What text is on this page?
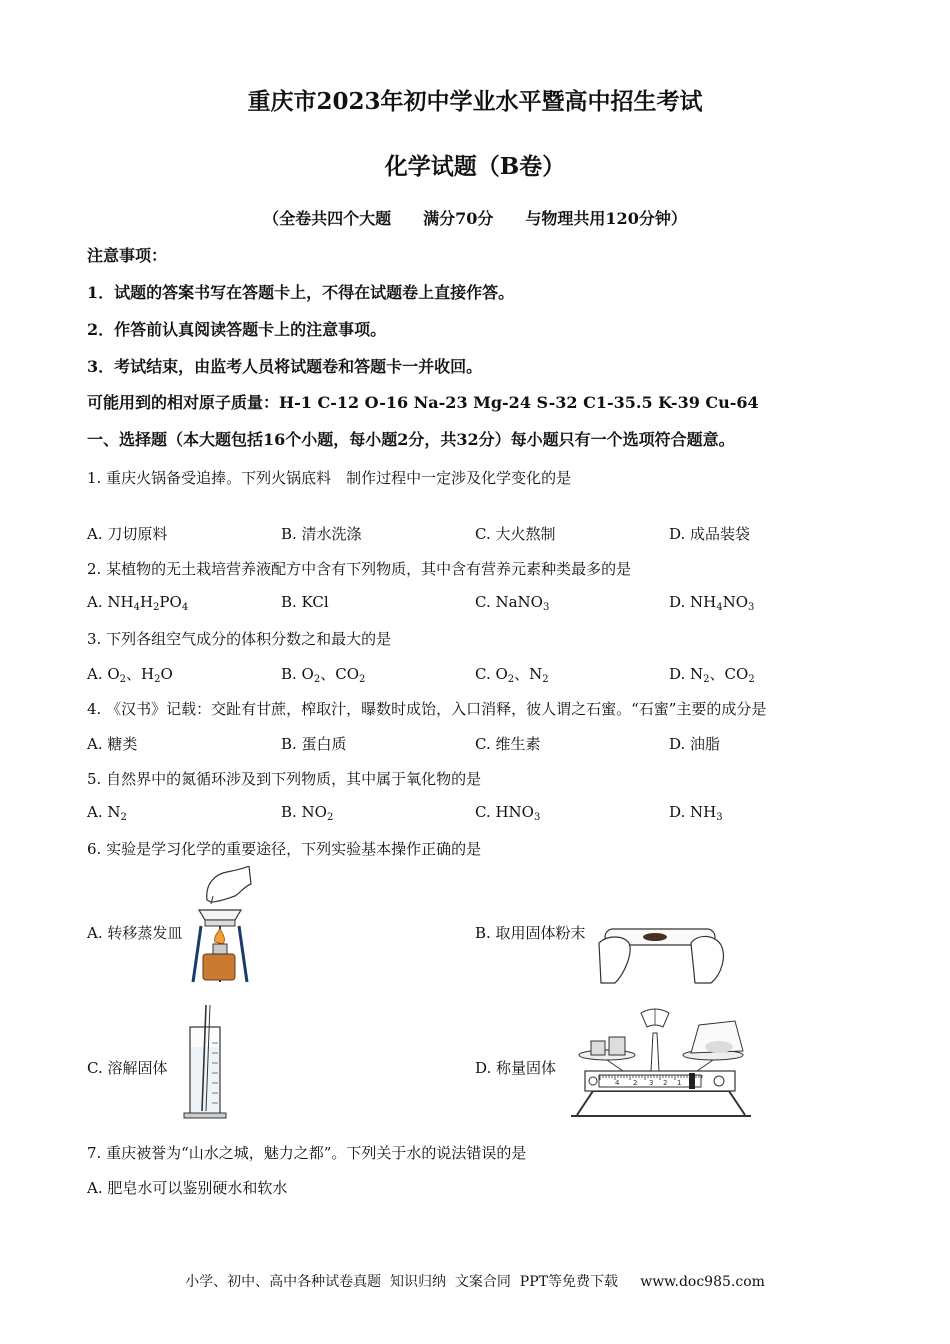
重庆市2023年初中学业水平暨高中招生考试
化学试题（B卷）
（全卷共四个大题　　满分70分　　与物理共用120分钟）
注意事项：
1．试题的答案书写在答题卡上，不得在试题卷上直接作答。
2．作答前认真阅读答题卡上的注意事项。
3．考试结束，由监考人员将试题卷和答题卡一并收回。
可能用到的相对原子质量：H-1 C-12 O-16 Na-23 Mg-24 S-32 C1-35.5 K-39 Cu-64
一、选择题（本大题包括16个小题，每小题2分，共32分）每小题只有一个选项符合题意。
1. 重庆火锅备受追捧。下列火锅底料　制作过程中一定涉及化学变化的是
A. 刀切原料	B. 清水洗涤	C. 大火熬制	D. 成品装袋
2. 某植物的无土栽培营养液配方中含有下列物质，其中含有营养元素种类最多的是
A. $NH_4H_2PO_4$	B. KCl	C. NaNO$_3$	D. $NH_4NO_3$
3. 下列各组空气成分的体积分数之和最大的是
A. $O_2$、$H_2O$	B. $O_2$、$CO_2$	C. $O_2$、$N_2$	D. $N_2$、$CO_2$
4. 《汉书》记载：交趾有甘蔗，榨取汁，曝数时成饴，入口消释，彼人谓之石蜜。“石蜜”主要的成分是
A. 糖类	B. 蛋白质	C. 维生素	D. 油脂
5. 自然界中的氮循环涉及到下列物质，其中属于氧化物的是
A. $N_2$	B. $NO_2$	C. $HNO_3$	D. $NH_3$
6. 实验是学习化学的重要途径，下列实验基本操作正确的是
A. 转移蒸发皿	B. 取用固体粉末
C. 溶解固体	D. 称量固体
4 2 3 2 1
7. 重庆被誉为“山水之城，魅力之都”。下列关于水的说法错误的是
A. 肥皂水可以鉴别硬水和软水
小学、初中、高中各种试卷真题  知识归纳  文案合同  PPT等免费下载     www.doc985.com
